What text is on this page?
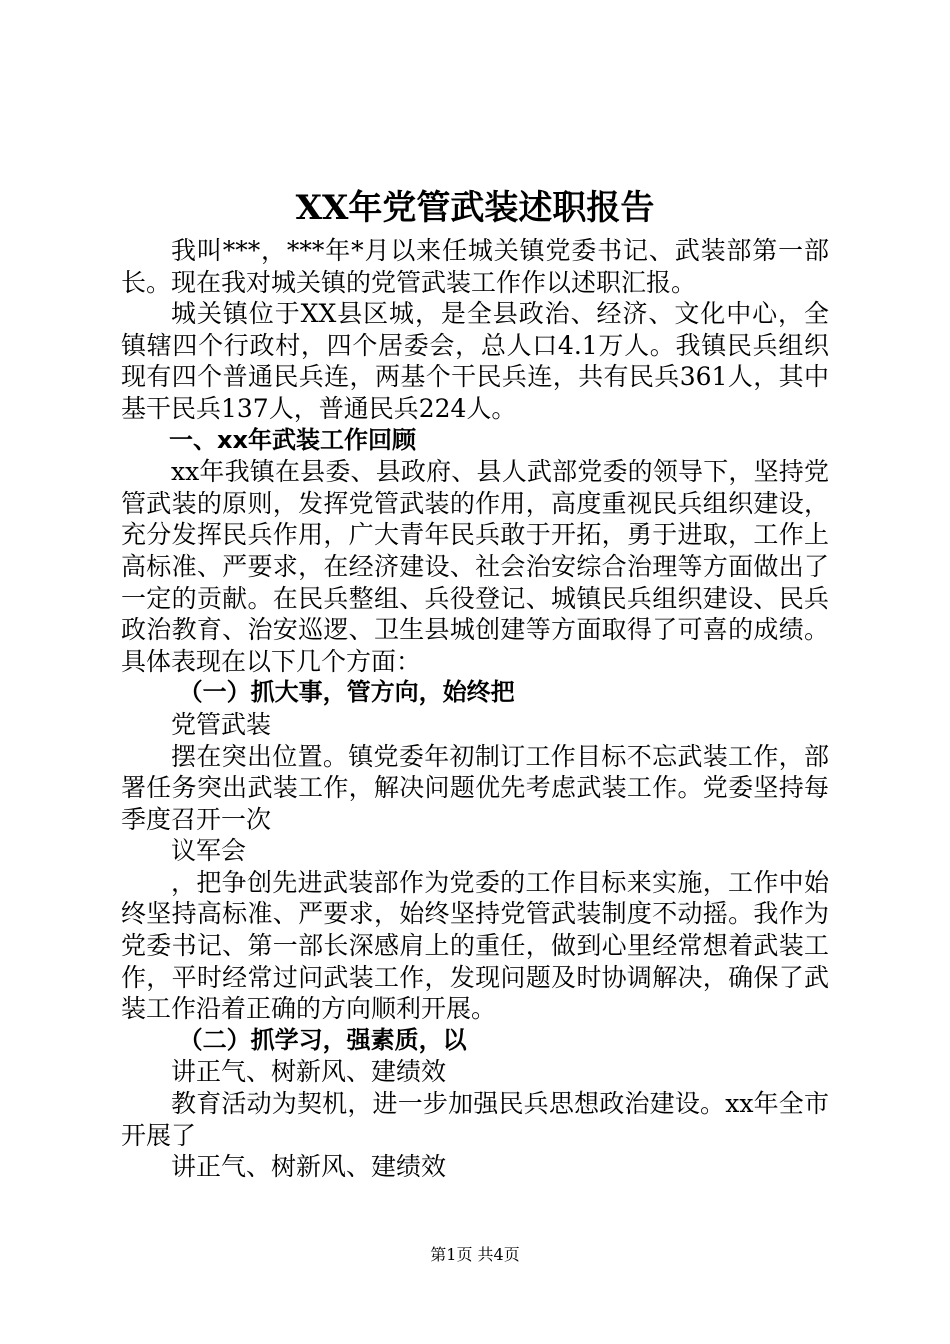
XX年党管武装述职报告

我叫***，***年*月以来任城关镇党委书记、武装部第一部长。现在我对城关镇的党管武装工作作以述职汇报。

城关镇位于XX县区城，是全县政治、经济、文化中心，全镇辖四个行政村，四个居委会，总人口4.1万人。我镇民兵组织现有四个普通民兵连，两基个干民兵连，共有民兵361人，其中基干民兵137人，普通民兵224人。

一、xx年武装工作回顾

xx年我镇在县委、县政府、县人武部党委的领导下，坚持党管武装的原则，发挥党管武装的作用，高度重视民兵组织建设，充分发挥民兵作用，广大青年民兵敢于开拓，勇于进取，工作上高标准、严要求，在经济建设、社会治安综合治理等方面做出了一定的贡献。在民兵整组、兵役登记、城镇民兵组织建设、民兵政治教育、治安巡逻、卫生县城创建等方面取得了可喜的成绩。具体表现在以下几个方面：

（一）抓大事，管方向，始终把

党管武装

摆在突出位置。镇党委年初制订工作目标不忘武装工作，部署任务突出武装工作，解决问题优先考虑武装工作。党委坚持每季度召开一次

议军会

，把争创先进武装部作为党委的工作目标来实施，工作中始终坚持高标准、严要求，始终坚持党管武装制度不动摇。我作为党委书记、第一部长深感肩上的重任，做到心里经常想着武装工作，平时经常过问武装工作，发现问题及时协调解决，确保了武装工作沿着正确的方向顺利开展。

（二）抓学习，强素质，以

讲正气、树新风、建绩效

教育活动为契机，进一步加强民兵思想政治建设。xx年全市开展了

讲正气、树新风、建绩效

第1页 共4页
